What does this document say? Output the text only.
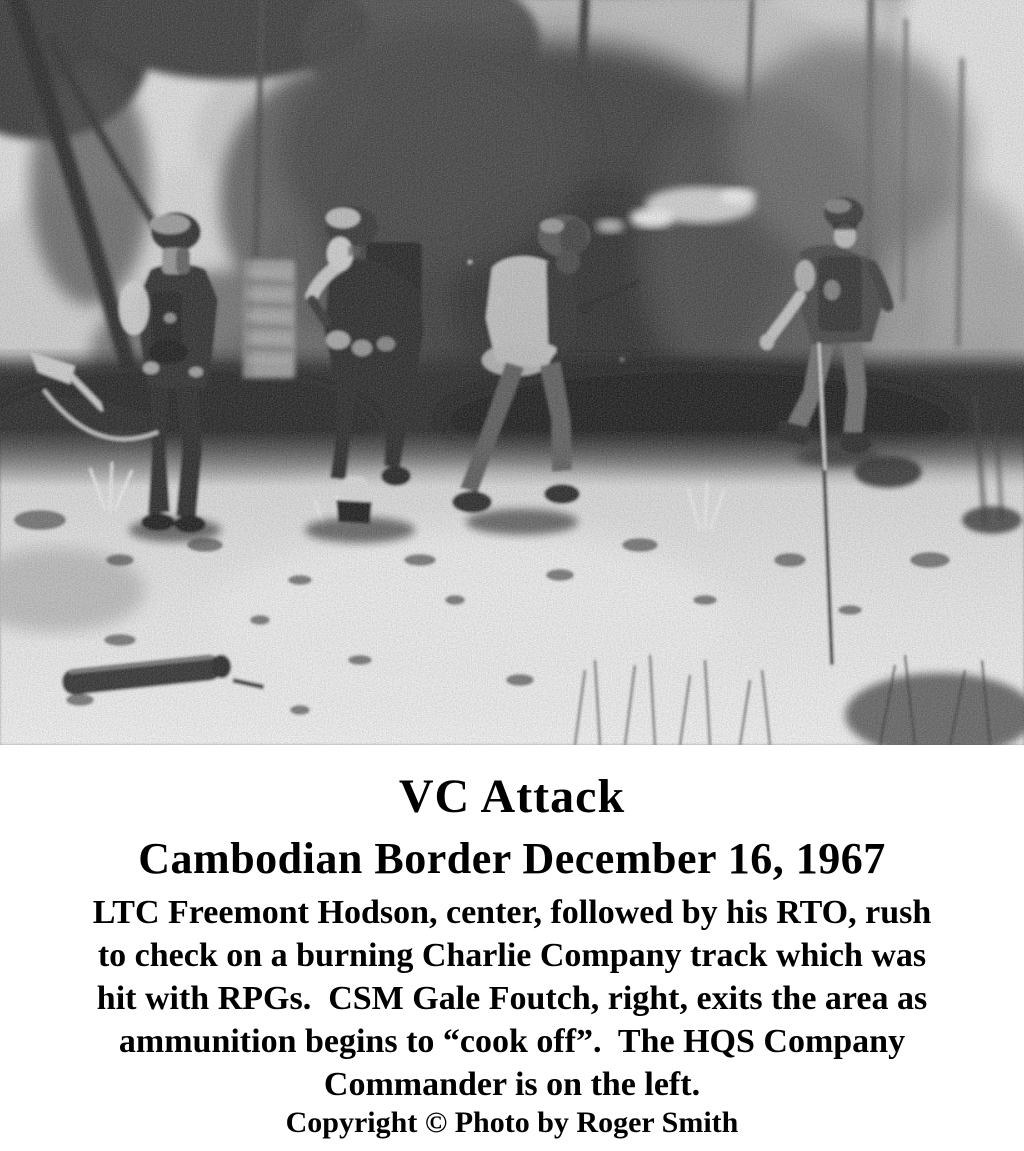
VC Attack
Cambodian Border December 16, 1967
LTC Freemont Hodson, center, followed by his RTO, rush
to check on a burning Charlie Company track which was
hit with RPGs.  CSM Gale Foutch, right, exits the area as
ammunition begins to “cook off”.  The HQS Company
Commander is on the left.
Copyright © Photo by Roger Smith
